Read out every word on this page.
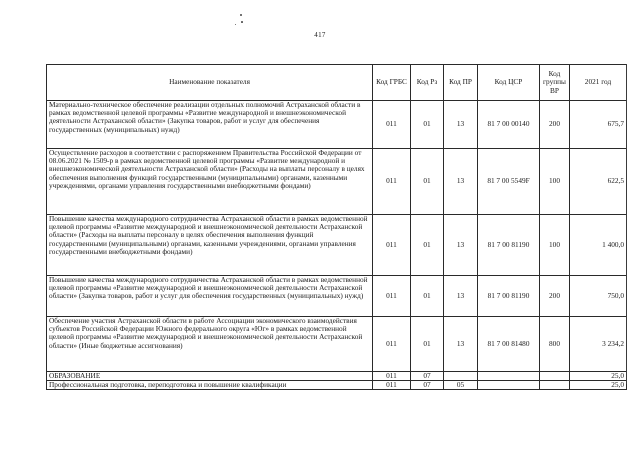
417
Наименование показателя	Код ГРБС	Код Рз	Код ПР	Код ЦСР	Код группы ВР	2021 год
Материально-техническое обеспечение реализации отдельных полномочий Астраханской области в рамках ведомственной целевой программы «Развитие международной и внешнеэкономической деятельности Астраханской области» (Закупка товаров, работ и услуг для обеспечения государственных (муниципальных) нужд)	011	01	13	81 7 00 00140	200	675,7
Осуществление расходов в соответствии с распоряжением Правительства Российской Федерации от 08.06.2021 № 1509-р в рамках ведомственной целевой программы «Развитие международной и внешнеэкономической деятельности Астраханской области» (Расходы на выплаты персоналу в целях обеспечения выполнения функций государственными (муниципальными) органами, казенными учреждениями, органами управления государственными внебюджетными фондами)	011	01	13	81 7 00 5549F	100	622,5
Повышение качества международного сотрудничества Астраханской области в рамках ведомственной целевой программы «Развитие международной и внешнеэкономической деятельности Астраханской области» (Расходы на выплаты персоналу в целях обеспечения выполнения функций государственными (муниципальными) органами, казенными учреждениями, органами управления государственными внебюджетными фондами)	011	01	13	81 7 00 81190	100	1 400,0
Повышение качества международного сотрудничества Астраханской области в рамках ведомственной целевой программы «Развитие международной и внешнеэкономической деятельности Астраханской области» (Закупка товаров, работ и услуг для обеспечения государственных (муниципальных) нужд)	011	01	13	81 7 00 81190	200	750,0
Обеспечение участия Астраханской области в работе Ассоциации экономического взаимодействия субъектов Российской Федерации Южного федерального округа «Юг» в рамках ведомственной целевой программы «Развитие международной и внешнеэкономической деятельности Астраханской области» (Иные бюджетные ассигнования)	011	01	13	81 7 00 81480	800	3 234,2
ОБРАЗОВАНИЕ	011	07				25,0
Профессиональная подготовка, переподготовка и повышение квалификации	011	07	05			25,0
